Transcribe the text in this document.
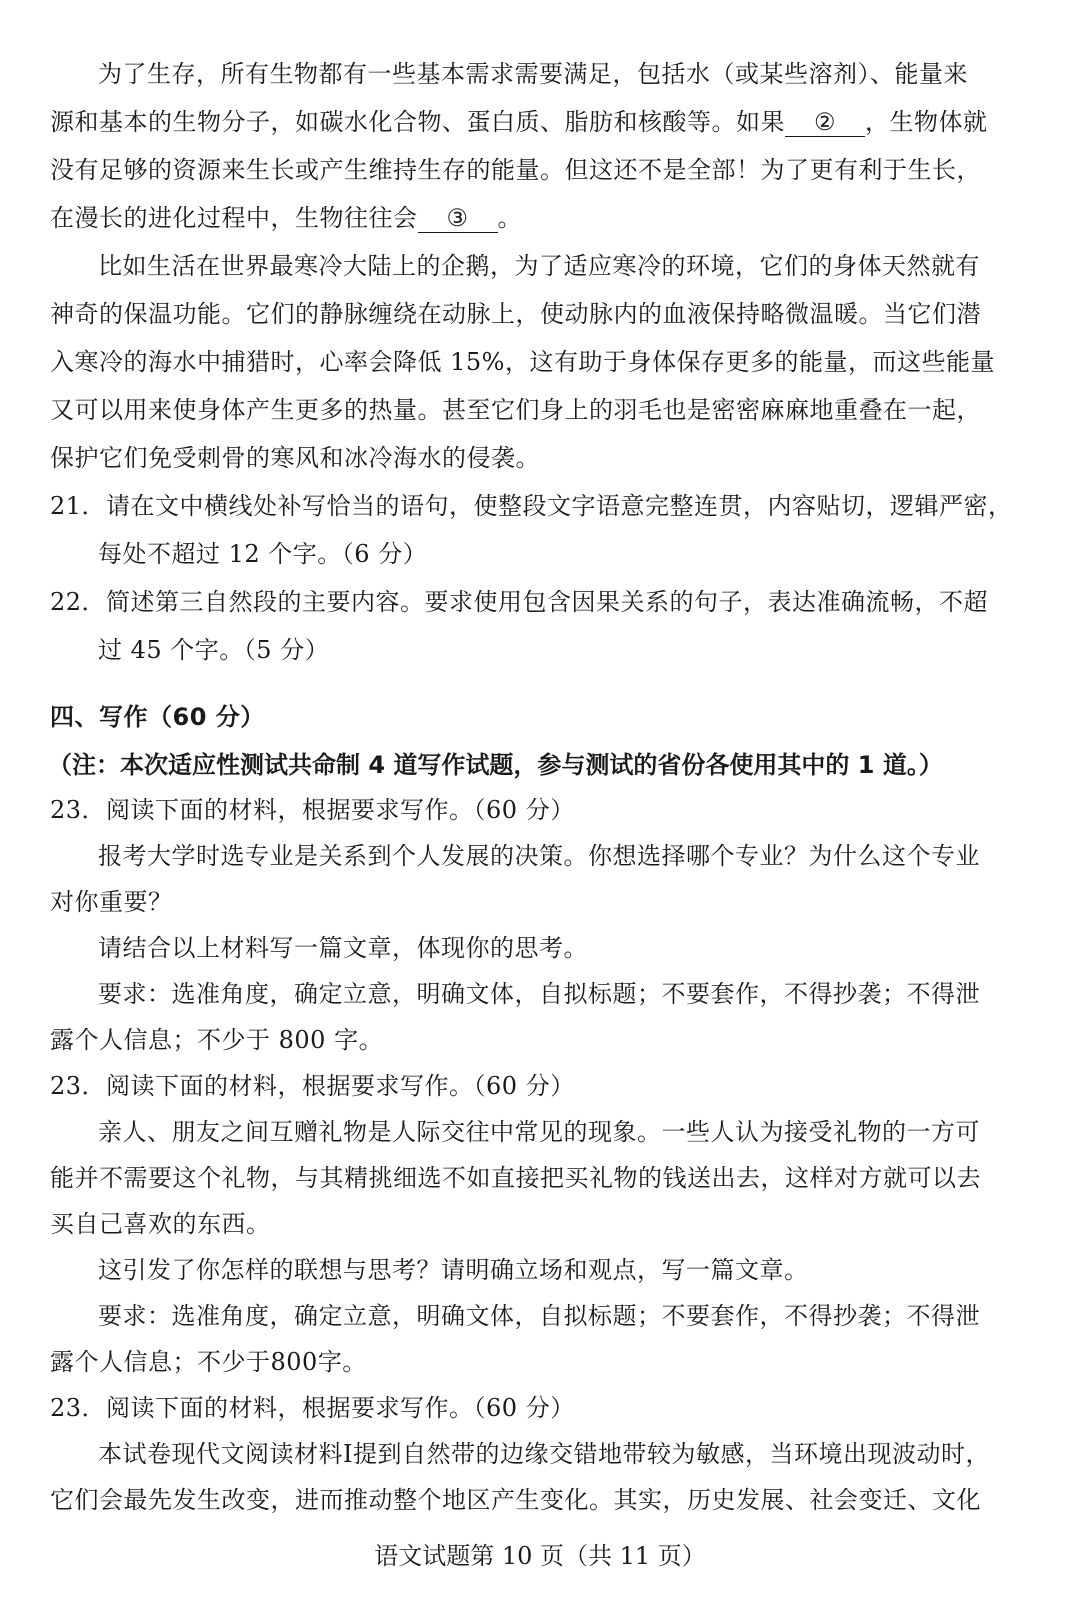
为了生存，所有生物都有一些基本需求需要满足，包括水（或某些溶剂）、能量来
源和基本的生物分子，如碳水化合物、蛋白质、脂肪和核酸等。如果 ② ，生物体就
没有足够的资源来生长或产生维持生存的能量。但这还不是全部！为了更有利于生长，
在漫长的进化过程中，生物往往会 ③ 。
比如生活在世界最寒冷大陆上的企鹅，为了适应寒冷的环境，它们的身体天然就有
神奇的保温功能。它们的静脉缠绕在动脉上，使动脉内的血液保持略微温暖。当它们潜
入寒冷的海水中捕猎时，心率会降低 15%，这有助于身体保存更多的能量，而这些能量
又可以用来使身体产生更多的热量。甚至它们身上的羽毛也是密密麻麻地重叠在一起，
保护它们免受刺骨的寒风和冰冷海水的侵袭。
21．请在文中横线处补写恰当的语句，使整段文字语意完整连贯，内容贴切，逻辑严密，
每处不超过 12 个字。（6 分）
22．简述第三自然段的主要内容。要求使用包含因果关系的句子，表达准确流畅，不超
过 45 个字。（5 分）
四、写作（60 分）
（注：本次适应性测试共命制 4 道写作试题，参与测试的省份各使用其中的 1 道。）
23．阅读下面的材料，根据要求写作。（60 分）
报考大学时选专业是关系到个人发展的决策。你想选择哪个专业？为什么这个专业
对你重要？
请结合以上材料写一篇文章，体现你的思考。
要求：选准角度，确定立意，明确文体，自拟标题；不要套作，不得抄袭；不得泄
露个人信息；不少于 800 字。
23．阅读下面的材料，根据要求写作。（60 分）
亲人、朋友之间互赠礼物是人际交往中常见的现象。一些人认为接受礼物的一方可
能并不需要这个礼物，与其精挑细选不如直接把买礼物的钱送出去，这样对方就可以去
买自己喜欢的东西。
这引发了你怎样的联想与思考？请明确立场和观点，写一篇文章。
要求：选准角度，确定立意，明确文体，自拟标题；不要套作，不得抄袭；不得泄
露个人信息；不少于800字。
23．阅读下面的材料，根据要求写作。（60 分）
本试卷现代文阅读材料Ⅰ提到自然带的边缘交错地带较为敏感，当环境出现波动时，
它们会最先发生改变，进而推动整个地区产生变化。其实，历史发展、社会变迁、文化
语文试题第 10 页（共 11 页）
